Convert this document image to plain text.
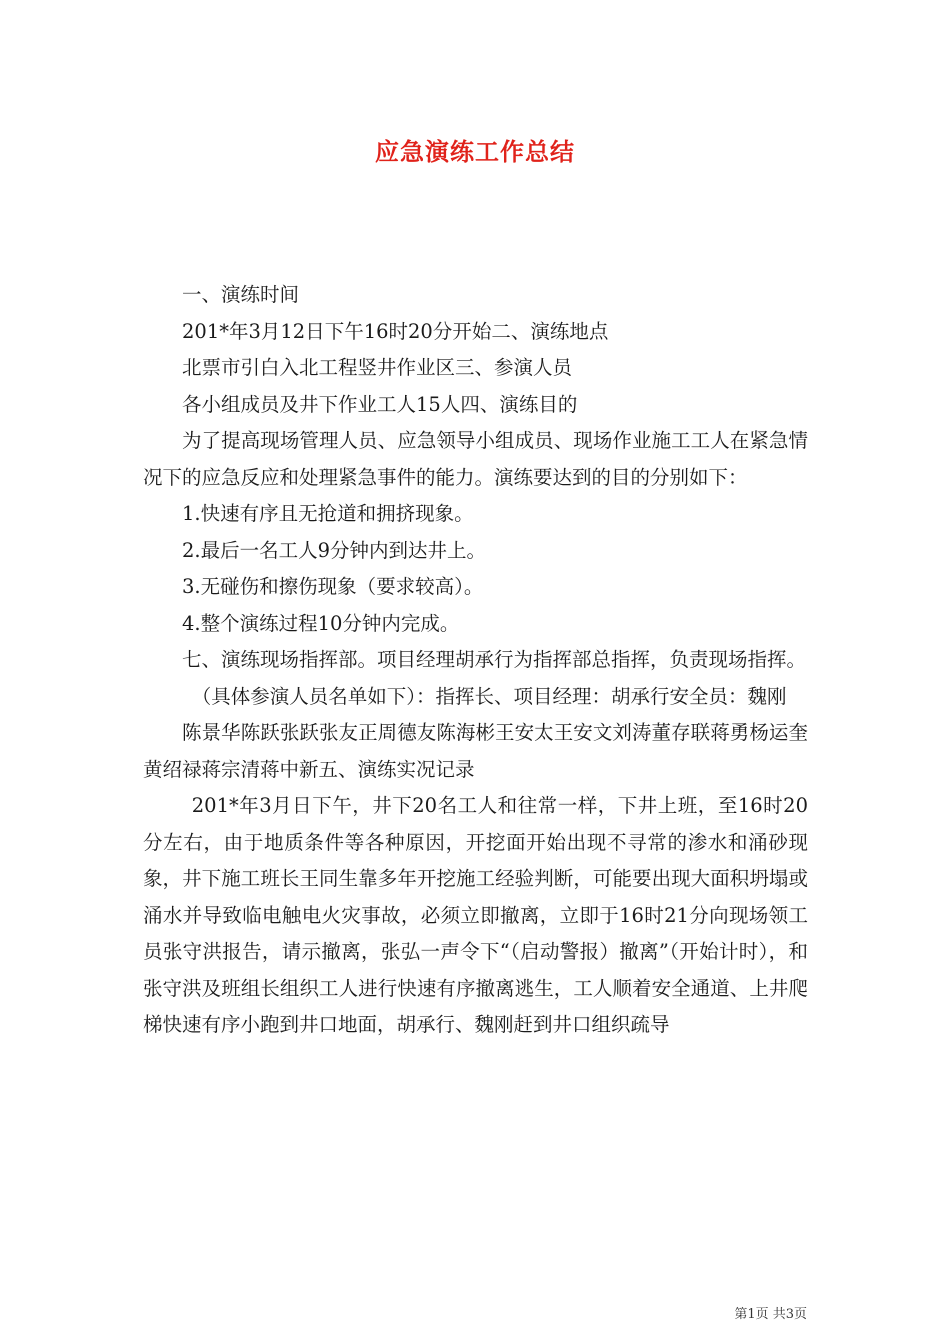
应急演练工作总结

一、演练时间

201*年3月12日下午16时20分开始二、演练地点

北票市引白入北工程竖井作业区三、参演人员

各小组成员及井下作业工人15人四、演练目的

为了提高现场管理人员、应急领导小组成员、现场作业施工工人在紧急情况下的应急反应和处理紧急事件的能力。演练要达到的目的分别如下：

1.快速有序且无抢道和拥挤现象。

2.最后一名工人9分钟内到达井上。

3.无碰伤和擦伤现象（要求较高）。

4.整个演练过程10分钟内完成。

七、演练现场指挥部。项目经理胡承行为指挥部总指挥，负责现场指挥。

（具体参演人员名单如下）：指挥长、项目经理：胡承行安全员：魏刚

陈景华陈跃张跃张友正周德友陈海彬王安太王安文刘涛董存联蒋勇杨运奎黄绍禄蒋宗清蒋中新五、演练实况记录

201*年3月日下午，井下20名工人和往常一样，下井上班，至16时20分左右，由于地质条件等各种原因，开挖面开始出现不寻常的渗水和涌砂现象，井下施工班长王同生靠多年开挖施工经验判断，可能要出现大面积坍塌或涌水并导致临电触电火灾事故，必须立即撤离，立即于16时21分向现场领工员张守洪报告，请示撤离，张弘一声令下“（启动警报）撤离”（开始计时），和张守洪及班组长组织工人进行快速有序撤离逃生，工人顺着安全通道、上井爬梯快速有序小跑到井口地面，胡承行、魏刚赶到井口组织疏导

第1页 共3页
